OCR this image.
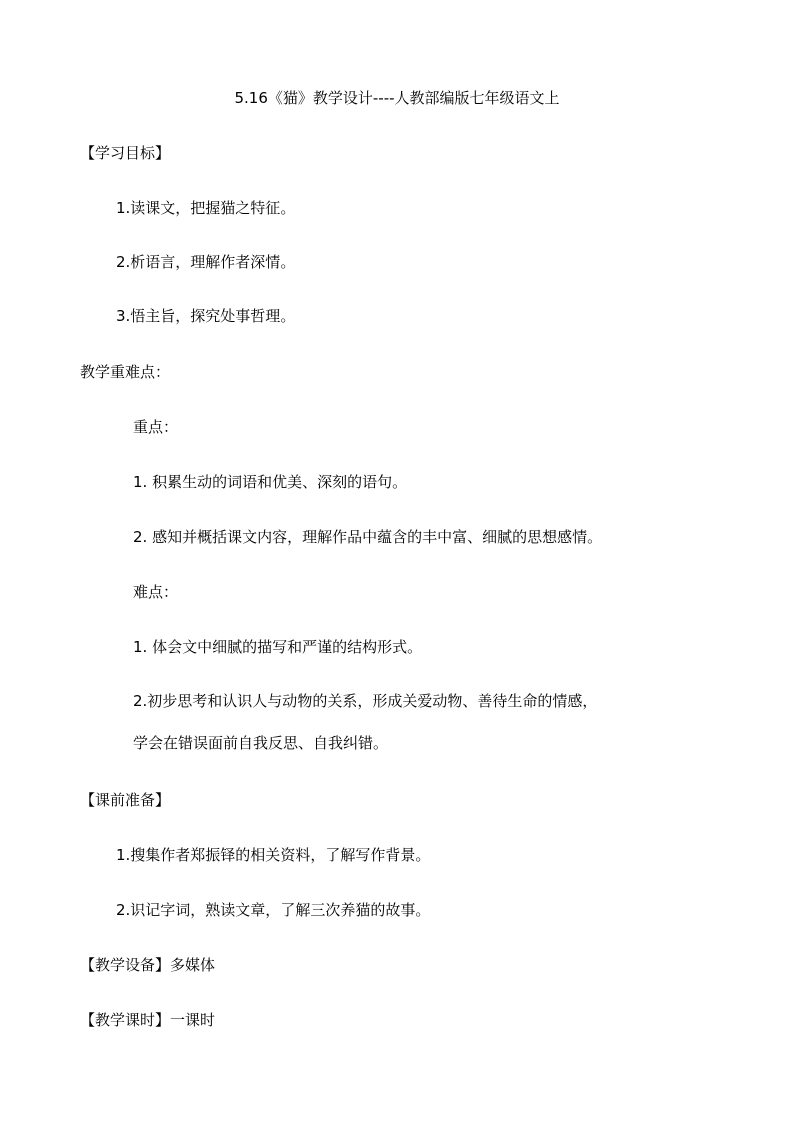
5.16《猫》教学设计----人教部编版七年级语文上
【学习目标】
1.读课文，把握猫之特征。
2.析语言，理解作者深情。
3.悟主旨，探究处事哲理。
教学重难点：
重点：
1. 积累生动的词语和优美、深刻的语句。
2. 感知并概括课文内容，理解作品中蕴含的丰中富、细腻的思想感情。
难点：
1. 体会文中细腻的描写和严谨的结构形式。
2.初步思考和认识人与动物的关系，形成关爱动物、善待生命的情感，
学会在错误面前自我反思、自我纠错。
【课前准备】
1.搜集作者郑振铎的相关资料，了解写作背景。
2.识记字词，熟读文章，了解三次养猫的故事。
【教学设备】多媒体
【教学课时】一课时
